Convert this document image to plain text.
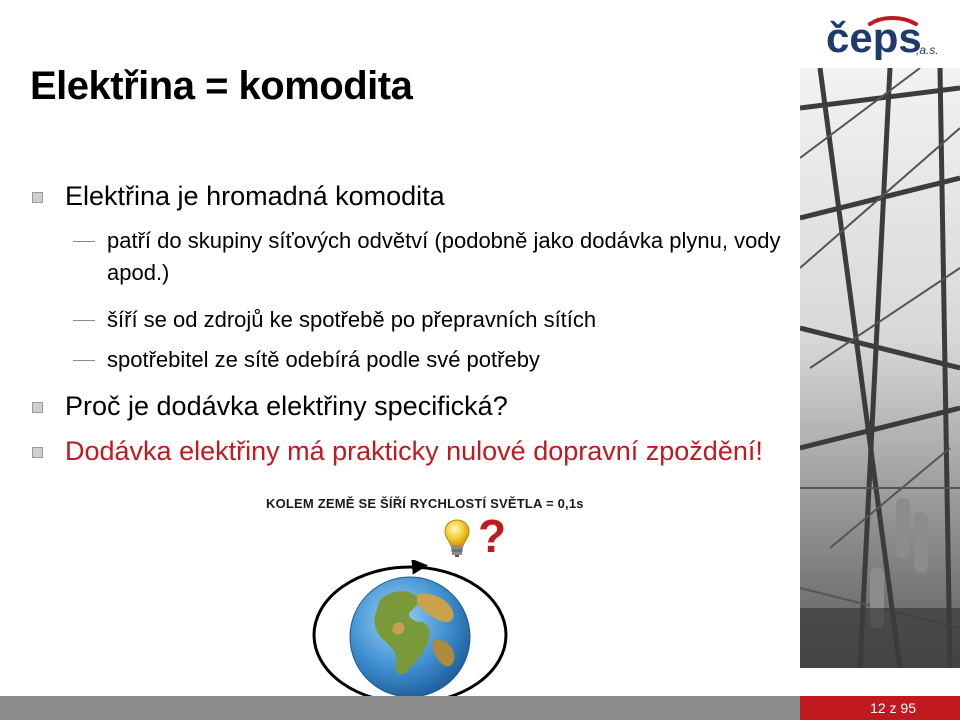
Elektřina = komodita
Elektřina je hromadná komodita
patří do skupiny síťových odvětví (podobně jako dodávka plynu, vody apod.)
šíří se od zdrojů ke spotřebě po přepravních sítích
spotřebitel ze sítě odebírá podle své potřeby
Proč je dodávka elektřiny specifická?
Dodávka elektřiny má prakticky nulové dopravní zpoždění!
KOLEM ZEMĚ SE ŠÍŘÍ RYCHLOSTÍ SVĚTLA = 0,1s
?
čeps
,a.s.
12 z 95
